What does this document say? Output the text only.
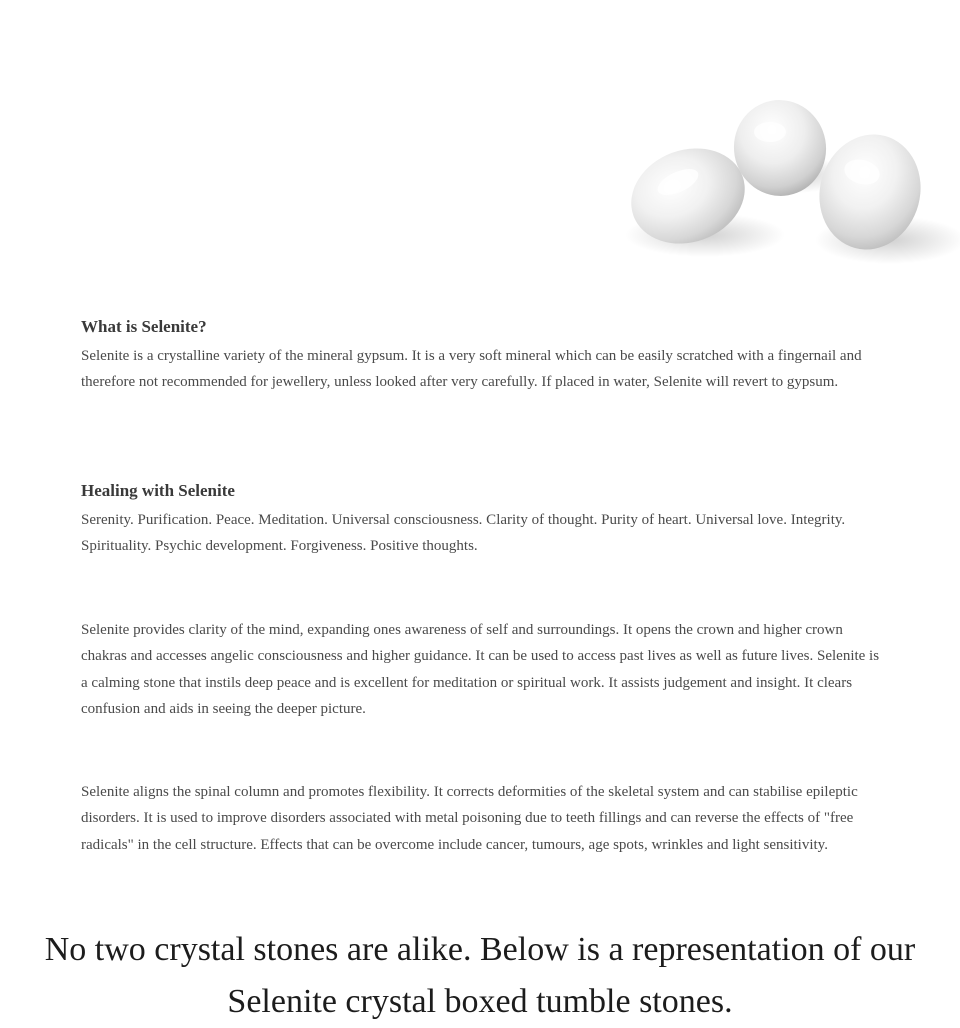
What is Selenite?

Selenite is a crystalline variety of the mineral gypsum. It is a very soft mineral which can be easily scratched with a fingernail and therefore not recommended for jewellery, unless looked after very carefully. If placed in water, Selenite will revert to gypsum.

Healing with Selenite

Serenity. Purification. Peace. Meditation. Universal consciousness. Clarity of thought. Purity of heart. Universal love. Integrity. Spirituality. Psychic development. Forgiveness. Positive thoughts.

Selenite provides clarity of the mind, expanding ones awareness of self and surroundings. It opens the crown and higher crown chakras and accesses angelic consciousness and higher guidance. It can be used to access past lives as well as future lives. Selenite is a calming stone that instils deep peace and is excellent for meditation or spiritual work. It assists judgement and insight. It clears confusion and aids in seeing the deeper picture.

Selenite aligns the spinal column and promotes flexibility. It corrects deformities of the skeletal system and can stabilise epileptic disorders. It is used to improve disorders associated with metal poisoning due to teeth fillings and can reverse the effects of "free radicals" in the cell structure. Effects that can be overcome include cancer, tumours, age spots, wrinkles and light sensitivity.

No two crystal stones are alike. Below is a representation of our Selenite crystal boxed tumble stones.
